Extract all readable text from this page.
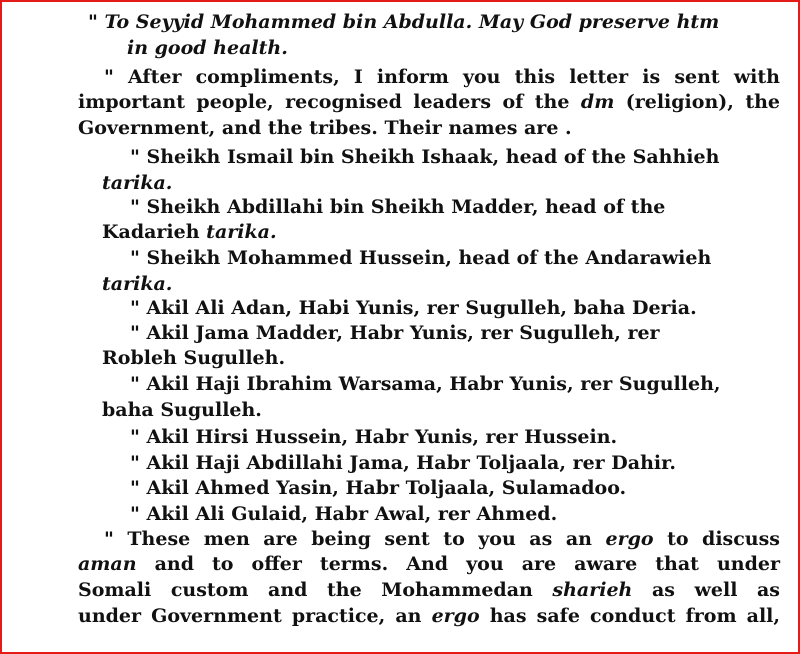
" To Seyyid Mohammed bin Abdulla. May God preserve htm
in good health.
" After compliments, I inform you this letter is sent with
important people, recognised leaders of the dm (religion), the
Government, and the tribes. Their names are .
" Sheikh Ismail bin Sheikh Ishaak, head of the Sahhieh
tarika.
" Sheikh Abdillahi bin Sheikh Madder, head of the
Kadarieh tarika.
" Sheikh Mohammed Hussein, head of the Andarawieh
tarika.
" Akil Ali Adan, Habi Yunis, rer Sugulleh, baha Deria.
" Akil Jama Madder, Habr Yunis, rer Sugulleh, rer
Robleh Sugulleh.
" Akil Haji Ibrahim Warsama, Habr Yunis, rer Sugulleh,
baha Sugulleh.
" Akil Hirsi Hussein, Habr Yunis, rer Hussein.
" Akil Haji Abdillahi Jama, Habr Toljaala, rer Dahir.
" Akil Ahmed Yasin, Habr Toljaala, Sulamadoo.
" Akil Ali Gulaid, Habr Awal, rer Ahmed.
" These men are being sent to you as an ergo to discuss
aman and to offer terms. And you are aware that under
Somali custom and the Mohammedan sharieh as well as
under Government practice, an ergo has safe conduct from all,
